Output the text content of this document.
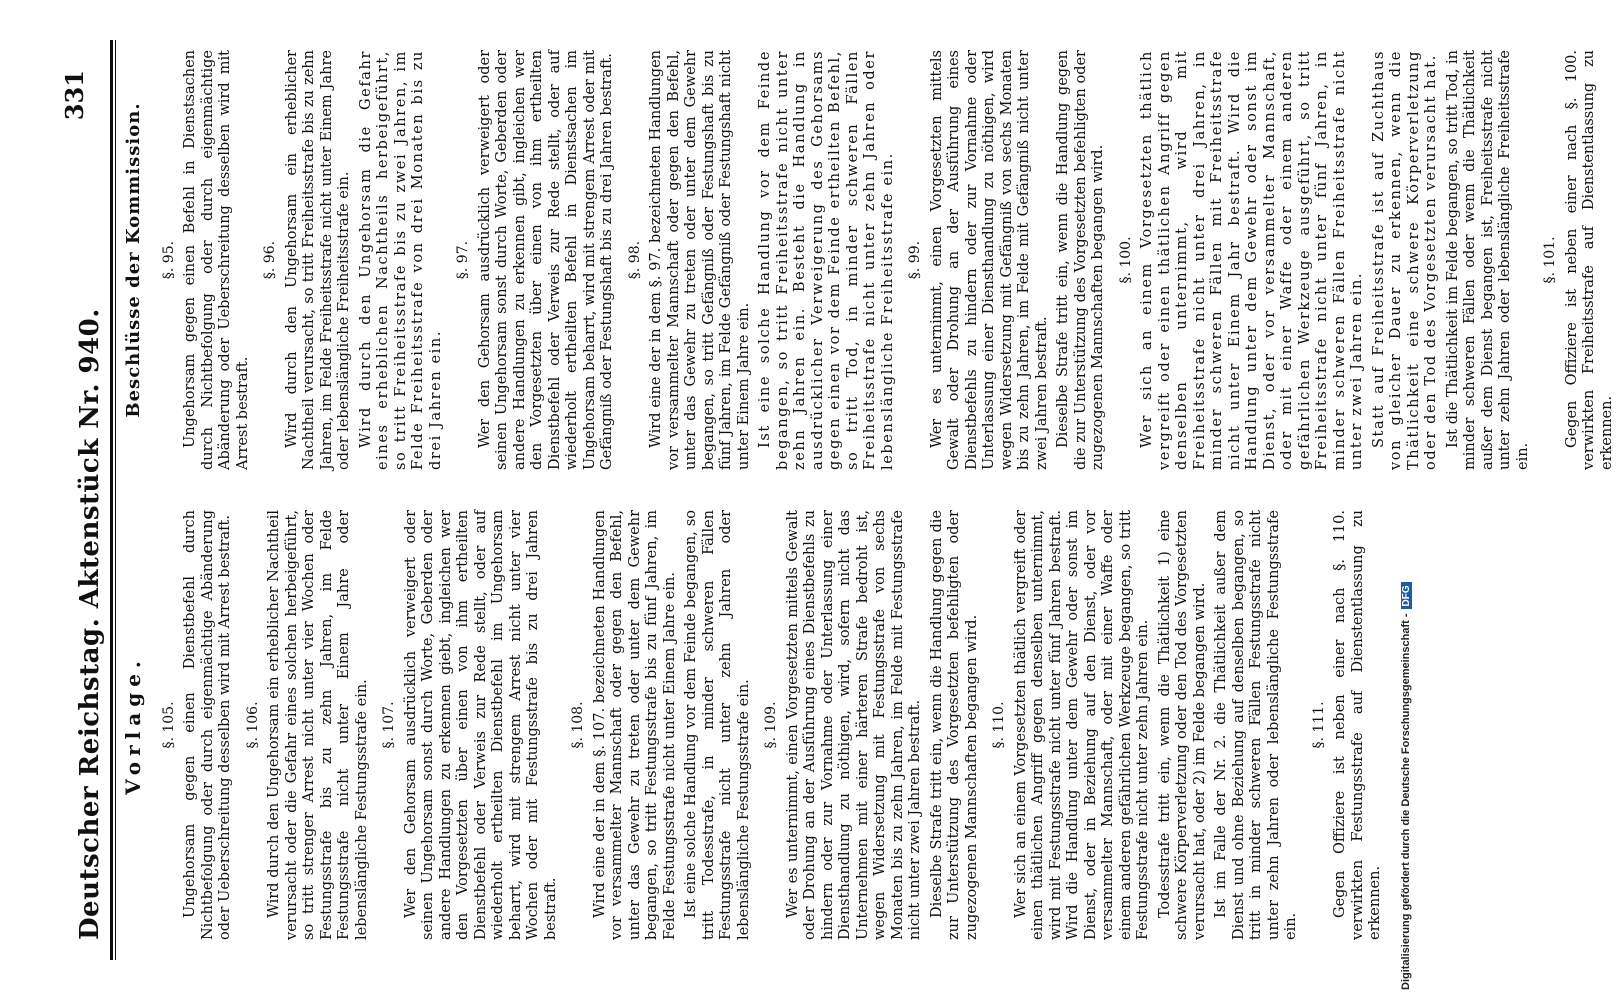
Deutscher Reichstag. Aktenstück Nr. 940.
331
Vorlage. §. 105. Ungehorsam gegen einen Dienstbefehl durch Nichtbefolgung oder durch eigenmächtige Abänderung oder Ueberschreitung desselben wird mit Arrest bestraft. §. 106. Wird durch den Ungehorsam ein erheblicher Nachtheil verursacht oder die Gefahr eines solchen herbeigeführt, so tritt strenger Arrest nicht unter vier Wochen oder Festungsstrafe bis zu zehn Jahren, im Felde Festungsstrafe nicht unter Einem Jahre oder lebenslängliche Festungsstrafe ein. §. 107. Wer den Gehorsam ausdrücklich verweigert oder seinen Ungehorsam sonst durch Worte, Geberden oder andere Handlungen zu erkennen giebt, ingleichen wer den Vorgesetzten über einen von ihm ertheilten Dienstbefehl oder Verweis zur Rede stellt, oder auf wiederholt ertheilten Dienstbefehl im Ungehorsam beharrt, wird mit strengem Arrest nicht unter vier Wochen oder mit Festungsstrafe bis zu drei Jahren bestraft.
§. 108. Wird eine der in dem §. 107. bezeichneten Handlungen vor versammelter Mannschaft oder gegen den Befehl, unter das Gewehr zu treten oder unter dem Gewehr begangen, so tritt Festungsstrafe bis zu fünf Jahren, im Felde Festungsstrafe nicht unter Einem Jahre ein. Ist eine solche Handlung vor dem Feinde begangen, so tritt Todesstrafe, in minder schweren Fällen Festungsstrafe nicht unter zehn Jahren oder lebenslängliche Festungsstrafe ein. §. 109. Wer es unternimmt, einen Vorgesetzten mittels Gewalt oder Drohung an der Ausführung eines Dienstbefehls zu hindern oder zur Vornahme oder Unterlassung einer Diensthandlung zu nöthigen, wird, sofern nicht das Unternehmen mit einer härteren Strafe bedroht ist, wegen Widersetzung mit Festungsstrafe von sechs Monaten bis zu zehn Jahren, im Felde mit Festungsstrafe nicht unter zwei Jahren bestraft. Dieselbe Strafe tritt ein, wenn die Handlung gegen die zur Unterstützung des Vorgesetzten befehligten oder zugezogenen Mannschaften begangen wird. §. 110. Wer sich an einem Vorgesetzten thätlich vergreift oder einen thätlichen Angriff gegen denselben unternimmt, wird mit Festungsstrafe nicht unter fünf Jahren bestraft. Wird die Handlung unter dem Gewehr oder sonst im Dienst, oder in Beziehung auf den Dienst, oder vor versammelter Mannschaft, oder mit einer Waffe oder einem anderen gefährlichen Werkzeuge begangen, so tritt Festungsstrafe nicht unter zehn Jahren ein. Todesstrafe tritt ein, wenn die Thätlichkeit 1) eine schwere Körperverletzung oder den Tod des Vorgesetzten verursacht hat, oder 2) im Felde begangen wird. Ist im Falle der Nr. 2. die Thätlichkeit außer dem Dienst und ohne Beziehung auf denselben begangen, so tritt in minder schweren Fällen Festungsstrafe nicht unter zehn Jahren oder lebenslängliche Festungsstrafe ein.
§. 111. Gegen Offiziere ist neben einer nach §. 110. verwirkten Festungsstrafe auf Dienstentlassung zu erkennen.
Beschlüsse der Kommission. §. 95. Ungehorsam gegen einen Befehl in Dienstsachen durch Nichtbefolgung oder durch eigenmächtige Abänderung oder Ueberschreitung desselben wird mit Arrest bestraft.
§. 96. Wird durch den Ungehorsam ein erheblicher Nachtheil verursacht, so tritt Freiheitsstrafe bis zu zehn Jahren, im Felde Freiheitsstrafe nicht unter Einem Jahre oder lebenslängliche Freiheitsstrafe ein. Wird durch den Ungehorsam die Gefahr eines erheblichen Nachtheils herbeigeführt, so tritt Freiheitsstrafe bis zu zwei Jahren, im Felde Freiheitsstrafe von drei Monaten bis zu drei Jahren ein.
§. 97. Wer den Gehorsam ausdrücklich verweigert oder seinen Ungehorsam sonst durch Worte, Geberden oder andere Handlungen zu erkennen gibt, ingleichen wer den Vorgesetzten über einen von ihm ertheilten Dienstbefehl oder Verweis zur Rede stellt, oder auf wiederholt ertheilten Befehl in Dienstsachen im Ungehorsam beharrt, wird mit strengem Arrest oder mit Gefängniß oder Festungshaft bis zu drei Jahren bestraft. §. 98. Wird eine der in dem §. 97. bezeichneten Handlungen vor versammelter Mannschaft oder gegen den Befehl, unter das Gewehr zu treten oder unter dem Gewehr begangen, so tritt Gefängniß oder Festungshaft bis zu fünf Jahren, im Felde Gefängniß oder Festungshaft nicht unter Einem Jahre ein. Ist eine solche Handlung vor dem Feinde begangen, so tritt Freiheitsstrafe nicht unter zehn Jahren ein. Besteht die Handlung in ausdrücklicher Verweigerung des Gehorsams gegen einen vor dem Feinde ertheilten Befehl, so tritt Tod, in minder schweren Fällen Freiheitsstrafe nicht unter zehn Jahren oder lebenslängliche Freiheitsstrafe ein. §. 99. Wer es unternimmt, einen Vorgesetzten mittels Gewalt oder Drohung an der Ausführung eines Dienstbefehls zu hindern oder zur Vornahme oder Unterlassung einer Diensthandlung zu nöthigen, wird wegen Widersetzung mit Gefängniß von sechs Monaten bis zu zehn Jahren, im Felde mit Gefängniß nicht unter zwei Jahren bestraft. Dieselbe Strafe tritt ein, wenn die Handlung gegen die zur Unterstützung des Vorgesetzten befehligten oder zugezogenen Mannschaften begangen wird. §. 100. Wer sich an einem Vorgesetzten thätlich vergreift oder einen thätlichen Angriff gegen denselben unternimmt, wird mit Freiheitsstrafe nicht unter drei Jahren, in minder schweren Fällen mit Freiheitsstrafe nicht unter Einem Jahr bestraft. Wird die Handlung unter dem Gewehr oder sonst im Dienst, oder vor versammelter Mannschaft, oder mit einer Waffe oder einem anderen gefährlichen Werkzeuge ausgeführt, so tritt Freiheitsstrafe nicht unter fünf Jahren, in minder schweren Fällen Freiheitsstrafe nicht unter zwei Jahren ein. Statt auf Freiheitsstrafe ist auf Zuchthaus von gleicher Dauer zu erkennen, wenn die Thätlichkeit eine schwere Körperverletzung oder den Tod des Vorgesetzten verursacht hat. Ist die Thätlichkeit im Felde begangen, so tritt Tod, in minder schweren Fällen oder wenn die Thätlichkeit außer dem Dienst begangen ist, Freiheitsstrafe nicht unter zehn Jahren oder lebenslängliche Freiheitsstrafe ein.
§. 101. Gegen Offiziere ist neben einer nach §. 100. verwirkten Freiheitsstrafe auf Dienstentlassung zu erkennen.
Digitalisierung gefördert durch die Deutsche Forschungsgemeinschaft -DFG
